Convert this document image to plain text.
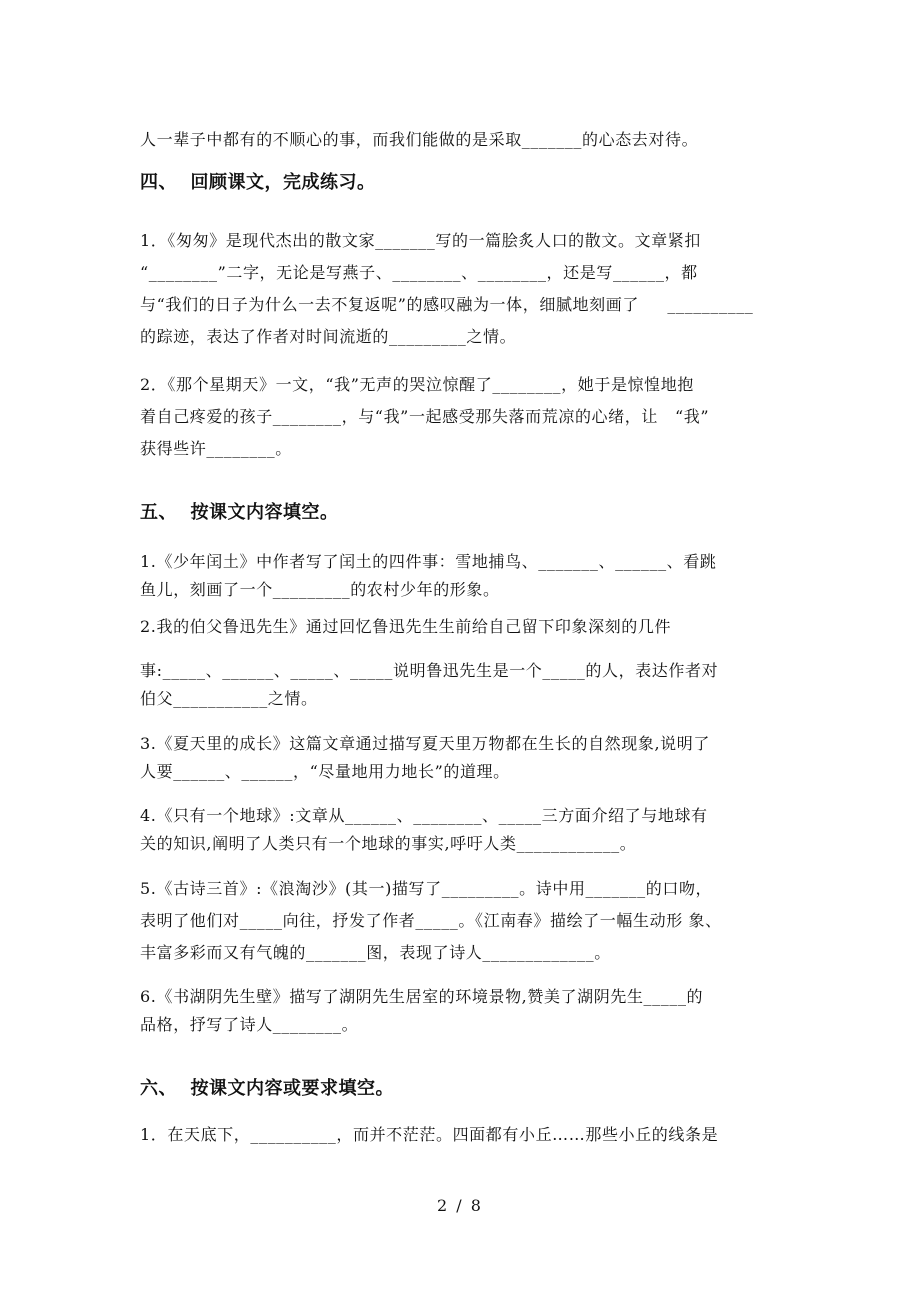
人一辈子中都有的不顺心的事，而我们能做的是采取_______的心态去对待。
四、  回顾课文，完成练习。
1．《匆匆》是现代杰出的散文家_______写的一篇脍炙人口的散文。文章紧扣
“________”二字，无论是写燕子、________、________，还是写______，都
与“我们的日子为什么一去不复返呢”的感叹融为一体，细腻地刻画了     __________
的踪迹，表达了作者对时间流逝的_________之情。
2．《那个星期天》一文，“我”无声的哭泣惊醒了________，她于是惊惶地抱
着自己疼爱的孩子________，与“我”一起感受那失落而荒凉的心绪，让   “我”
获得些许________。
五、  按课文内容填空。
1.《少年闰土》中作者写了闰土的四件事：雪地捕鸟、_______、______、看跳
鱼儿，刻画了一个_________的农村少年的形象。
2.我的伯父鲁迅先生》通过回忆鲁迅先生生前给自己留下印象深刻的几件
事:_____、______、_____、_____说明鲁迅先生是一个_____的人，表达作者对
伯父___________之情。
3.《夏天里的成长》这篇文章通过描写夏天里万物都在生长的自然现象,说明了
人要______、______，“尽量地用力地长”的道理。
4.《只有一个地球》:文章从______、________、_____三方面介绍了与地球有
关的知识,阐明了人类只有一个地球的事实,呼吁人类____________。
5.《古诗三首》:《浪淘沙》(其一)描写了_________。诗中用_______的口吻，
表明了他们对_____向往，抒发了作者_____。《江南春》描绘了一幅生动形 象、
丰富多彩而又有气魄的_______图，表现了诗人_____________。
6.《书湖阴先生壁》描写了湖阴先生居室的环境景物,赞美了湖阴先生_____的
品格，抒写了诗人________。
六、  按课文内容或要求填空。
1．在天底下，__________，而并不茫茫。四面都有小丘……那些小丘的线条是
2 / 8
